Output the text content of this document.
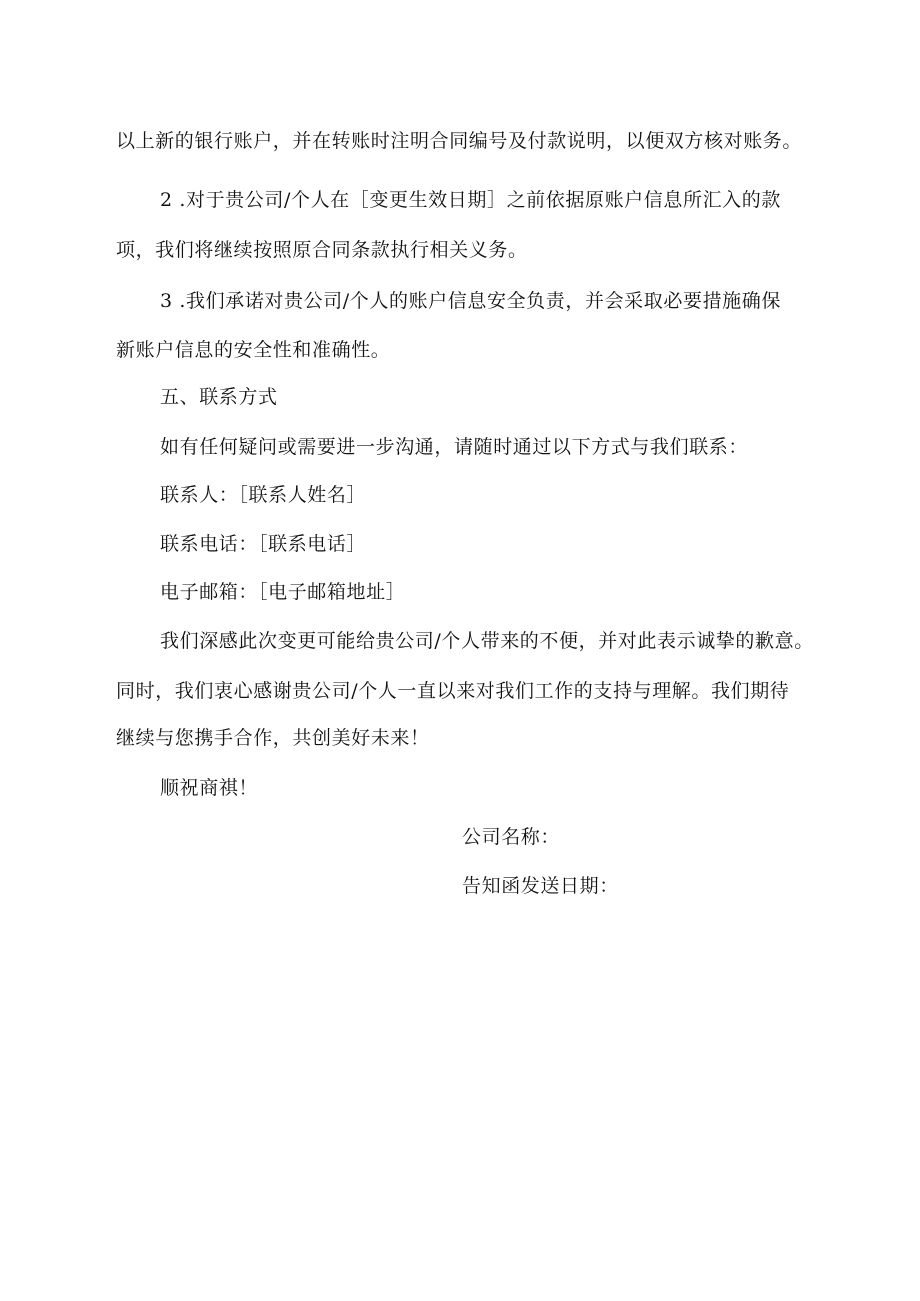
以上新的银行账户，并在转账时注明合同编号及付款说明，以便双方核对账务。
2 .对于贵公司/个人在［变更生效日期］之前依据原账户信息所汇入的款
项，我们将继续按照原合同条款执行相关义务。
3 .我们承诺对贵公司/个人的账户信息安全负责，并会采取必要措施确保
新账户信息的安全性和准确性。
五、联系方式
如有任何疑问或需要进一步沟通，请随时通过以下方式与我们联系：
联系人：［联系人姓名］
联系电话：［联系电话］
电子邮箱：［电子邮箱地址］
我们深感此次变更可能给贵公司/个人带来的不便，并对此表示诚挚的歉意。
同时，我们衷心感谢贵公司/个人一直以来对我们工作的支持与理解。我们期待
继续与您携手合作，共创美好未来！
顺祝商祺！
公司名称：
告知函发送日期：
